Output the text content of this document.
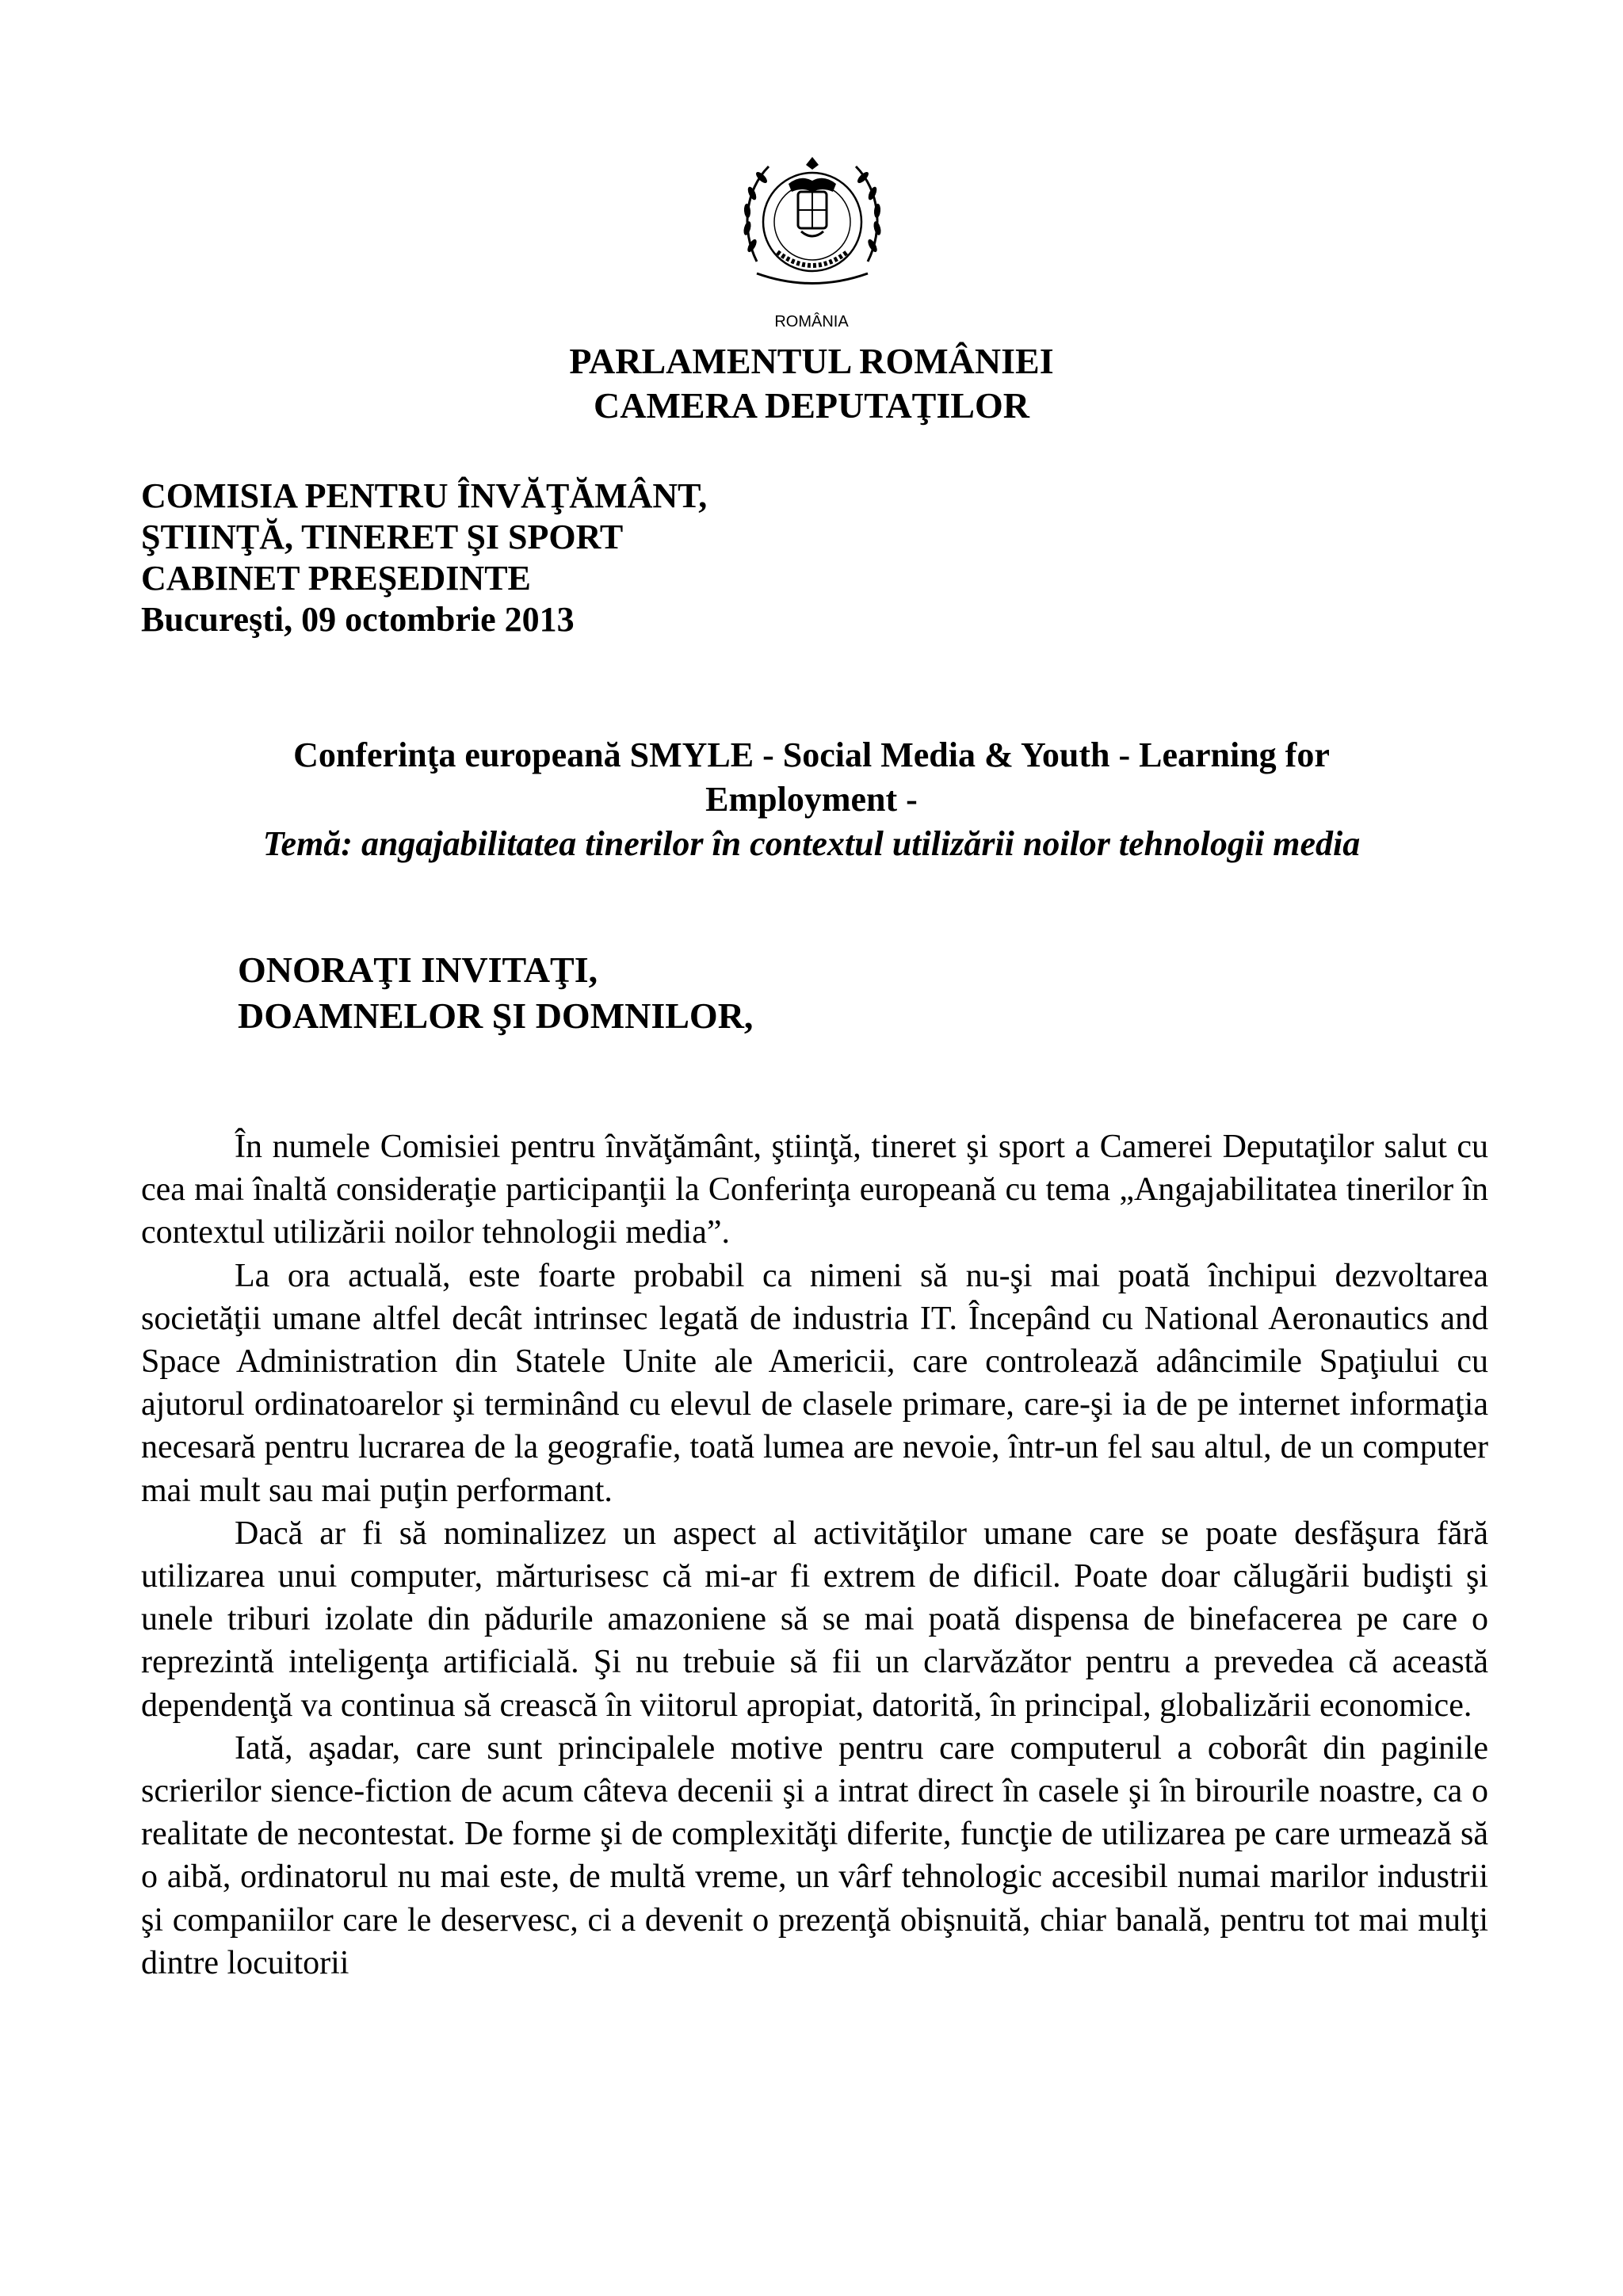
ROMÂNIA
PARLAMENTUL ROMÂNIEI
CAMERA DEPUTAŢILOR
COMISIA PENTRU ÎNVĂŢĂMÂNT,
ŞTIINŢĂ, TINERET ŞI SPORT
CABINET PREŞEDINTE
Bucureşti, 09 octombrie 2013
Conferinţa europeană SMYLE - Social Media & Youth - Learning for
Employment -
Temă: angajabilitatea tinerilor în contextul utilizării noilor tehnologii media
ONORAŢI INVITAŢI,
DOAMNELOR ŞI DOMNILOR,

În numele Comisiei pentru învăţământ, ştiinţă, tineret şi sport a Camerei Deputaţilor salut cu cea mai înaltă consideraţie participanţii la Conferinţa europeană cu tema „Angajabilitatea tinerilor în contextul utilizării noilor tehnologii media”.

La ora actuală, este foarte probabil ca nimeni să nu-şi mai poată închipui dezvoltarea societăţii umane altfel decât intrinsec legată de industria IT. Începând cu National Aeronautics and Space Administration din Statele Unite ale Americii, care controlează adâncimile Spaţiului cu ajutorul ordinatoarelor şi terminând cu elevul de clasele primare, care-şi ia de pe internet informaţia necesară pentru lucrarea de la geografie, toată lumea are nevoie, într-un fel sau altul, de un computer mai mult sau mai puţin performant.

Dacă ar fi să nominalizez un aspect al activităţilor umane care se poate desfăşura fără utilizarea unui computer, mărturisesc că mi-ar fi extrem de dificil. Poate doar călugării budişti şi unele triburi izolate din pădurile amazoniene să se mai poată dispensa de binefacerea pe care o reprezintă inteligenţa artificială. Şi nu trebuie să fii un clarvăzător pentru a prevedea că această dependenţă va continua să crească în viitorul apropiat, datorită, în principal, globalizării economice.

Iată, aşadar, care sunt principalele motive pentru care computerul a coborât din paginile scrierilor sience-fiction de acum câteva decenii şi a intrat direct în casele şi în birourile noastre, ca o realitate de necontestat. De forme şi de complexităţi diferite, funcţie de utilizarea pe care urmează să o aibă, ordinatorul nu mai este, de multă vreme, un vârf tehnologic accesibil numai marilor industrii şi companiilor care le deservesc, ci a devenit o prezenţă obişnuită, chiar banală, pentru tot mai mulţi dintre locuitorii
